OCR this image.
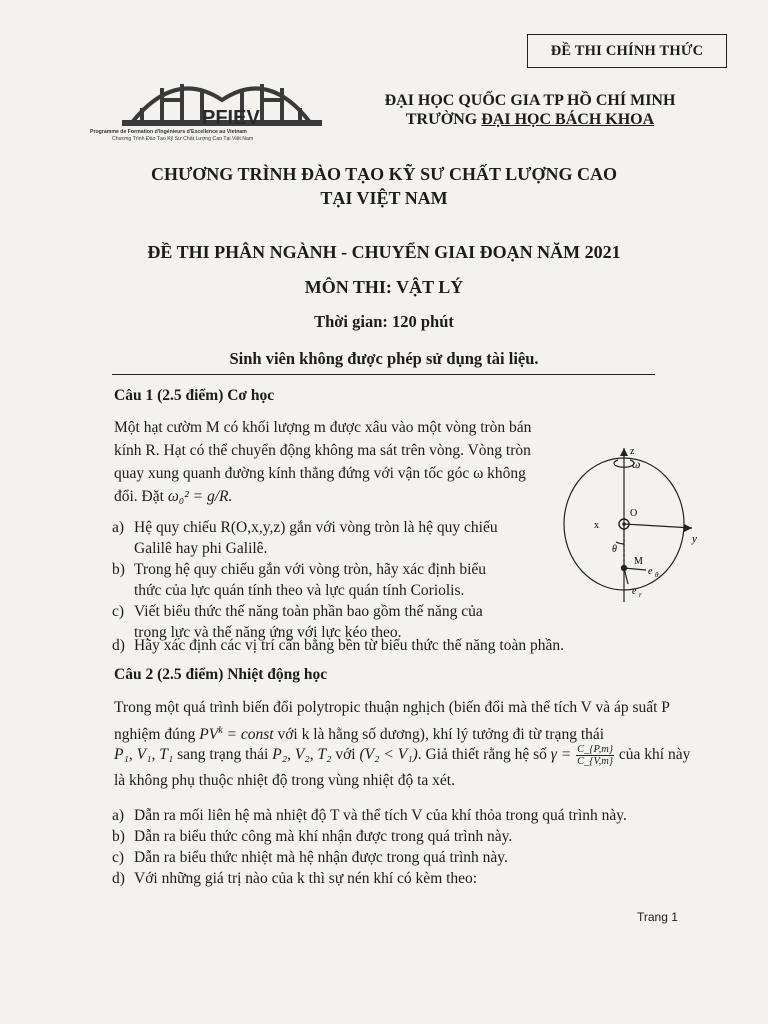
ĐỀ THI CHÍNH THỨC
PFIEV
Programme de Formation d'Ingénieurs d'Excellence au Vietnam
Chương Trình Đào Tạo Kỹ Sư Chất Lượng Cao Tại Việt Nam
ĐẠI HỌC QUỐC GIA TP HỒ CHÍ MINH
TRƯỜNG ĐẠI HỌC BÁCH KHOA
CHƯƠNG TRÌNH ĐÀO TẠO KỸ SƯ CHẤT LƯỢNG CAO
TẠI VIỆT NAM
ĐỀ THI PHÂN NGÀNH - CHUYỂN GIAI ĐOẠN NĂM 2021
MÔN THI: VẬT LÝ
Thời gian: 120 phút
Sinh viên không được phép sử dụng tài liệu.
Câu 1 (2.5 điểm) Cơ học
Một hạt cườm M có khối lượng m được xâu vào một vòng tròn bán
kính R. Hạt có thể chuyển động không ma sát trên vòng. Vòng tròn
quay xung quanh đường kính thẳng đứng với vận tốc góc ω không
đổi. Đặt ω₀² = g/R.
a) Hệ quy chiếu R(O,x,y,z) gắn với vòng tròn là hệ quy chiếu
Galilê hay phi Galilê.
b) Trong hệ quy chiếu gắn với vòng tròn, hãy xác định biểu
thức của lực quán tính theo và lực quán tính Coriolis.
c) Viết biểu thức thế năng toàn phần bao gồm thế năng của
trọng lực và thế năng ứng với lực kéo theo.
d) Hãy xác định các vị trí cân bằng bền từ biểu thức thế năng toàn phần.
ω
z
x
O
θ
y
M
e θ
e r
Câu 2 (2.5 điểm) Nhiệt động học
Trong một quá trình biến đổi polytropic thuận nghịch (biến đổi mà thể tích V và áp suất P
nghiệm đúng $PV^k$ = const với k là hằng số dương), khí lý tưởng đi từ trạng thái
P₁, V₁, T₁ sang trạng thái P₂, V₂, T₂ với (V₂ < V₁). Giả thiết rằng hệ số $\gamma = \frac{C\_\{P,m\}}{C\_\{V,m\}}$ của khí này
là không phụ thuộc nhiệt độ trong vùng nhiệt độ ta xét.
a) Dẫn ra mối liên hệ mà nhiệt độ T và thể tích V của khí thỏa trong quá trình này.
b) Dẫn ra biểu thức công mà khí nhận được trong quá trình này.
c) Dẫn ra biểu thức nhiệt mà hệ nhận được trong quá trình này.
d) Với những giá trị nào của k thì sự nén khí có kèm theo:
Trang 1
